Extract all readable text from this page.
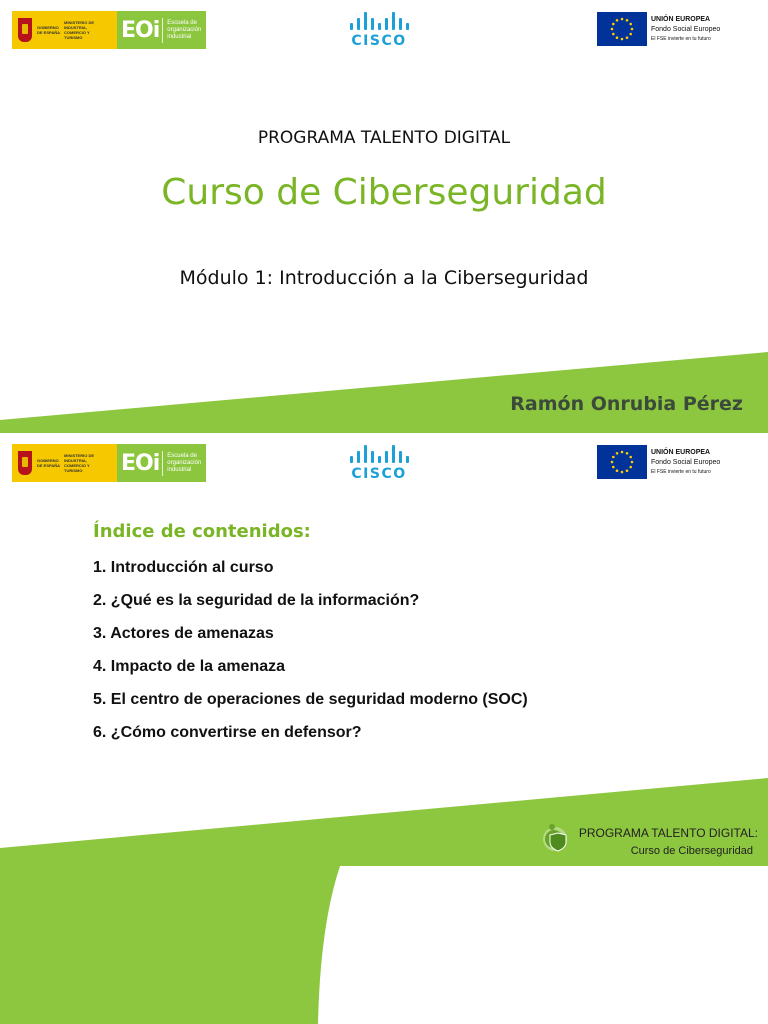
GOBIERNO DE ESPAÑA
MINISTERIO DE INDUSTRIA, COMERCIO Y TURISMO	EOi	Escuela de
organización
industrial	CISCO
UNIÓN EUROPEA
Fondo Social Europeo
El FSE invierte en tu futuro
PROGRAMA TALENTO DIGITAL
Curso de Ciberseguridad
Módulo 1: Introducción a la Ciberseguridad
Ramón Onrubia Pérez
GOBIERNO DE ESPAÑA
MINISTERIO DE INDUSTRIA, COMERCIO Y TURISMO	EOi	Escuela de
organización
industrial	CISCO
UNIÓN EUROPEA
Fondo Social Europeo
El FSE invierte en tu futuro
Índice de contenidos:
1. Introducción al curso
2. ¿Qué es la seguridad de la información?
3. Actores de amenazas
4. Impacto de la amenaza
5. El centro de operaciones de seguridad moderno (SOC)
6. ¿Cómo convertirse en defensor?
PROGRAMA TALENTO DIGITAL:
Curso de Ciberseguridad
